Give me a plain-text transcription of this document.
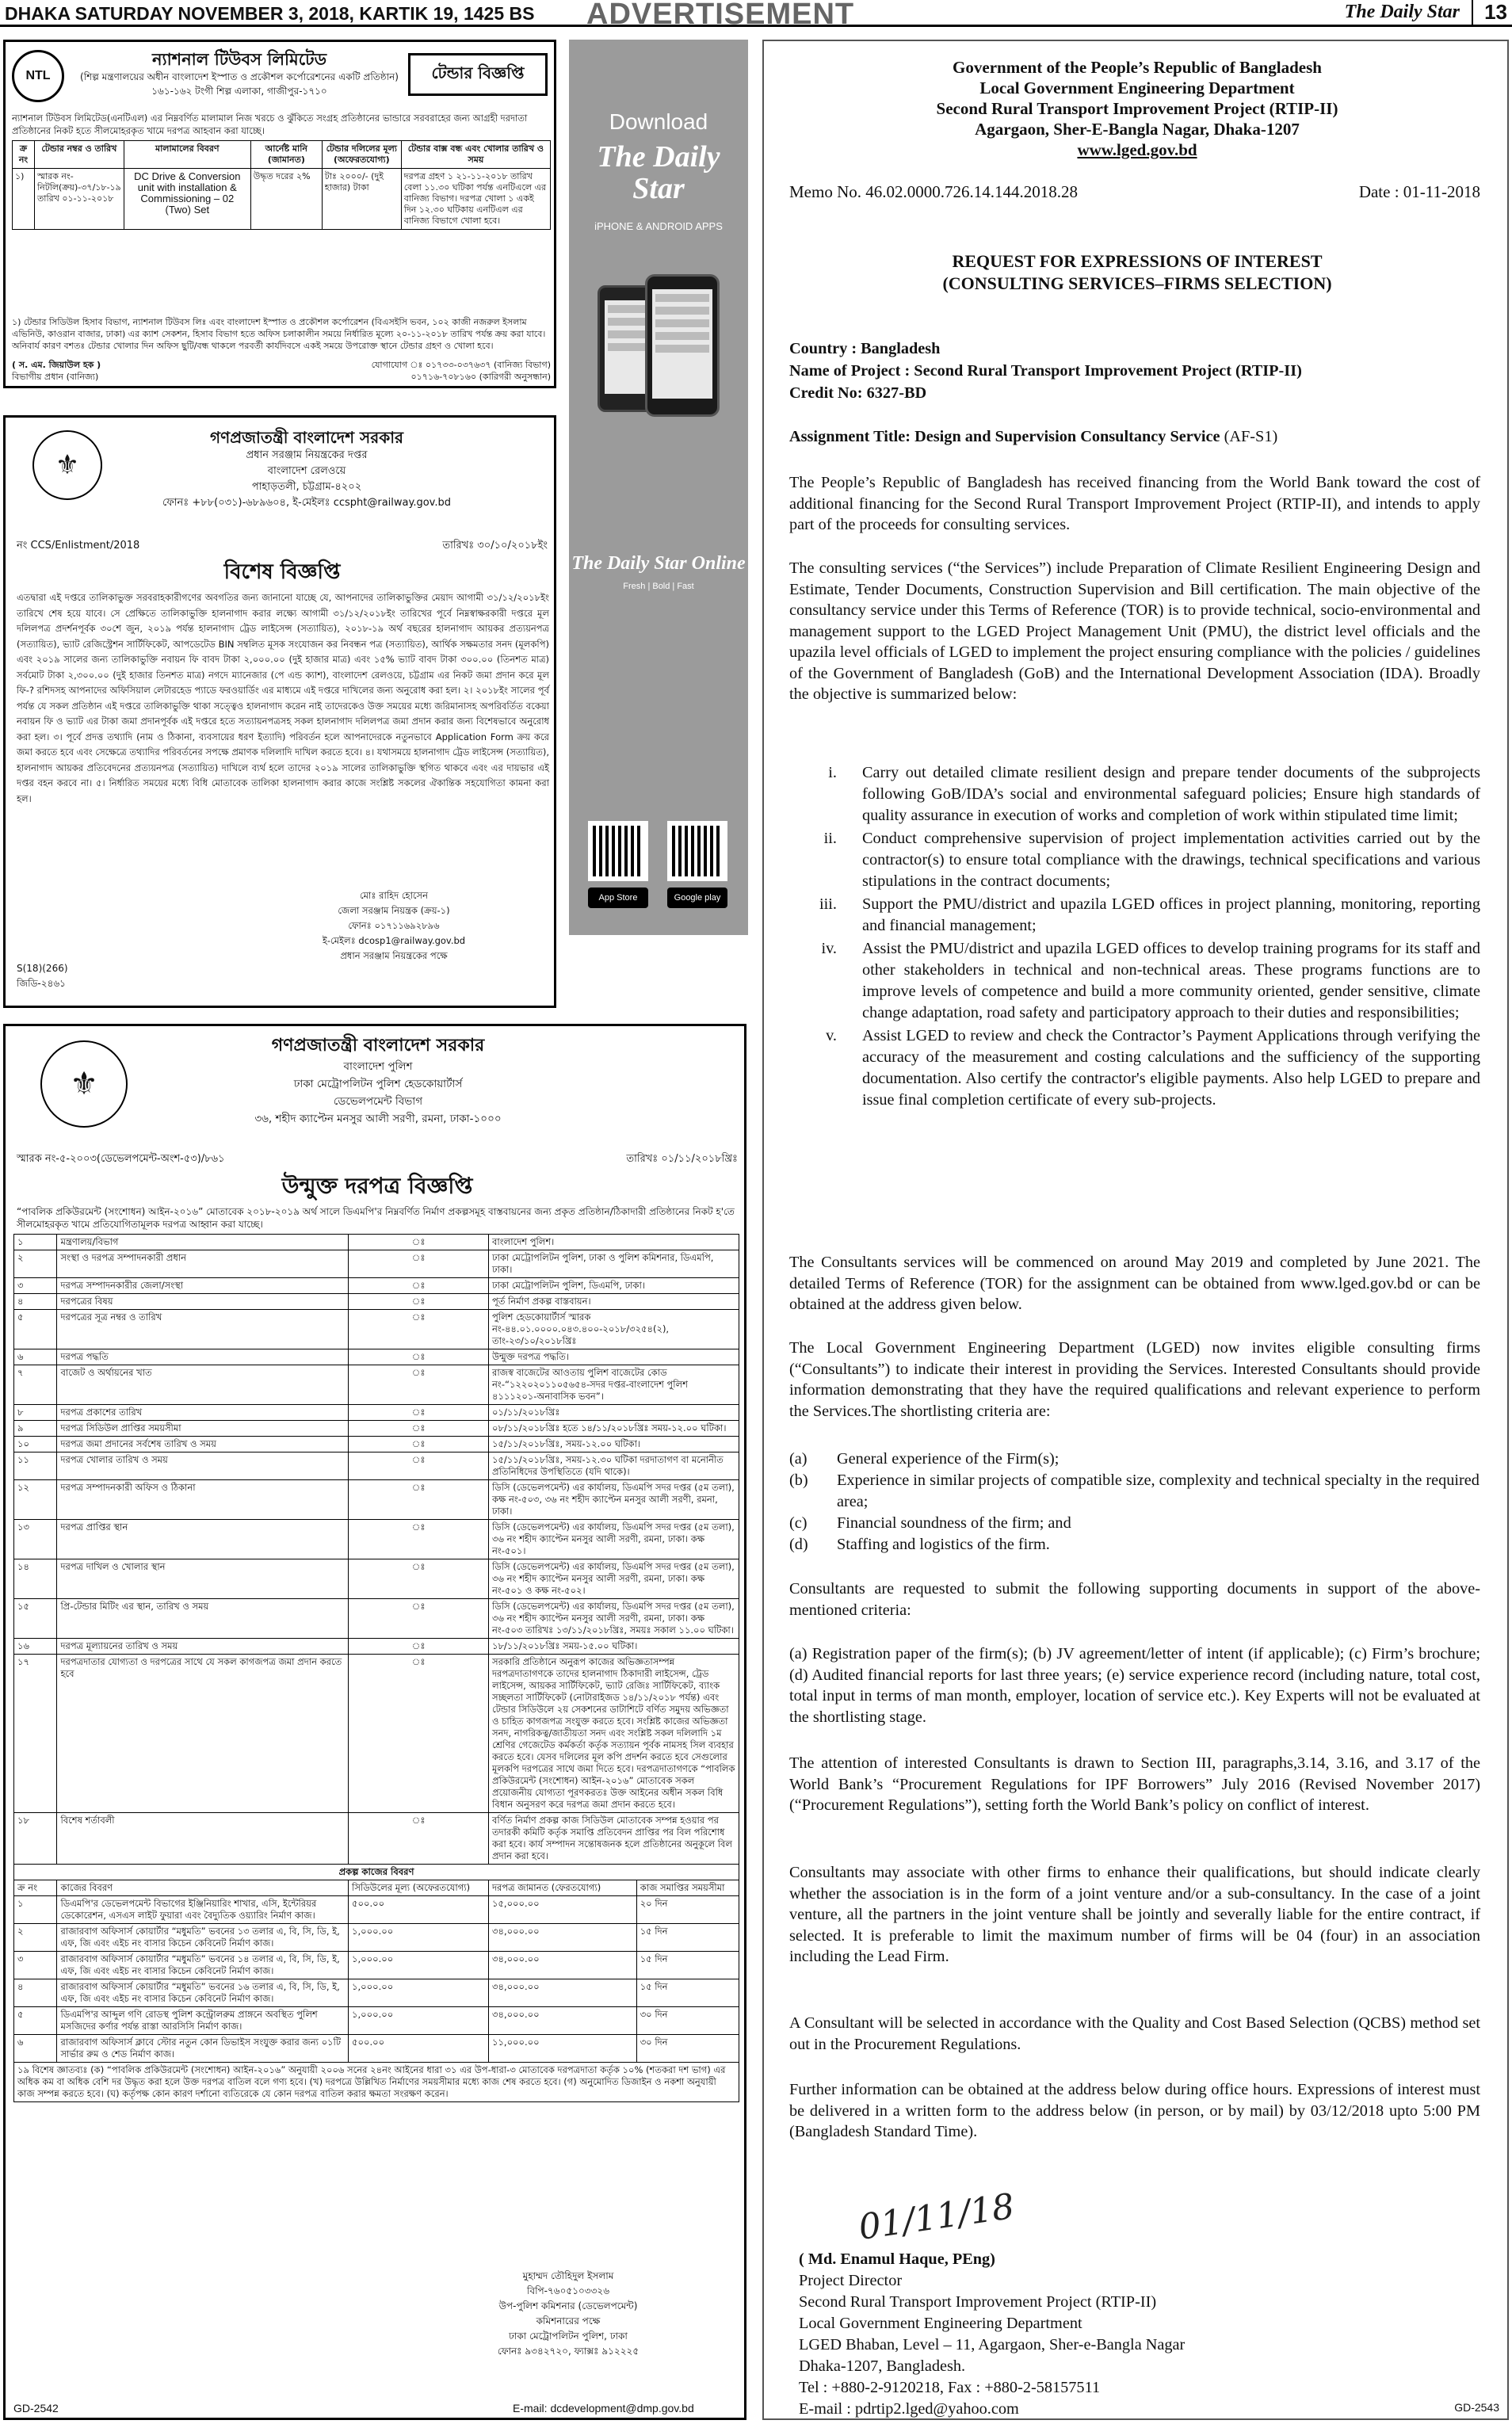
DHAKA SATURDAY NOVEMBER 3, 2018, KARTIK 19, 1425 BS ADVERTISEMENT	The Daily Star	13
NTL
ন্যাশনাল টিউবস লিমিটেড
(শিল্প মন্ত্রণালয়ের অধীন বাংলাদেশ ইস্পাত ও প্রকৌশল কর্পোরেশনের একটি প্রতিষ্ঠান)
১৬১-১৬২ টংগী শিল্প এলাকা, গাজীপুর-১৭১০
টেন্ডার বিজ্ঞপ্তি
ন্যাশনাল টিউবস লিমিটেড(এনটিএল) এর নিম্নবর্ণিত মালামাল নিজ খরচে ও ঝুঁকিতে সংগ্রহ প্রতিষ্ঠানের ভান্ডারে সরবরাহের জন্য আগ্রহী দরদাতা প্রতিষ্ঠানের নিকট হতে সীলমোহরকৃত খামে দরপত্র আহবান করা যাচ্ছে।
ক্র নং	টেন্ডার নম্বর ও তারিখ	মালামালের বিবরণ	আর্নেষ্ট মানি (জামানত)	টেন্ডার দলিলের মূল্য (অফেরতযোগ্য)	টেন্ডার বাক্স বন্ধ এবং খোলার তারিখ ও সময়
১)	স্মারক নং-নিটলি(ক্রয়)-৩৭/১৮-১৯ তারিখ ০১-১১-২০১৮	DC Drive & Conversion unit with installation & Commissioning – 02 (Two) Set	উদ্ধৃত দরের ২%	টাঃ ২০০০/- (দুই হাজার) টাকা	দরপত্র গ্রহণ ১ ২১-১১-২০১৮ তারিখ বেলা ১১.৩০ ঘটিকা পর্যন্ত এনটিএলে এর বানিজ্য বিভাগ। দরপত্র খোলা ১ একই দিন ১২.৩০ ঘটিকায় এনটিএল এর বানিজ্য বিভাগে খোলা হবে।
১) টেন্ডার সিডিউল হিসাব বিভাগ, ন্যাশনাল টিউবস লিঃ এবং বাংলাদেশ ইস্পাত ও প্রকৌশল কর্পোরেশন (বিএসইসি ভবন, ১০২ কাজী নজরুল ইসলাম এভিনিউ, কাওরান বাজার, ঢাকা) এর ক্যাশ সেকশন, হিসাব বিভাগ হতে অফিস চলাকালীন সময়ে নির্ধারিত মূল্যে ২০-১১-২০১৮ তারিখ পর্যন্ত ক্রয় করা যাবে। অনিবার্য কারণ বশতঃ টেন্ডার খোলার দিন অফিস ছুটি/বন্ধ থাকলে পরবর্তী কার্যদিবসে একই সময়ে উপরোক্ত স্থানে টেন্ডার গ্রহণ ও খোলা হবে।
( স. এম. জিয়াউল হক )	যোগাযোগ ঃ ০১৭৩৩-০৩৭৬৩৭ (বানিজ্য বিভাগ)
বিভাগীয় প্রধান (বানিজ্য)	০১৭১৬-৭০৮১৬০ (কারিগরী অনুসন্ধান)
⚜
গণপ্রজাতন্ত্রী বাংলাদেশ সরকার
প্রধান সরঞ্জাম নিয়ন্ত্রকের দপ্তর
বাংলাদেশ রেলওয়ে
পাহাড়তলী, চট্টগ্রাম-৪২০২
ফোনঃ +৮৮(০৩১)-৬৮৯৬০৪, ই-মেইলঃ ccspht@railway.gov.bd
নং CCS/Enlistment/2018	তারিখঃ ৩০/১০/২০১৮ইং
বিশেষ বিজ্ঞপ্তি
এতদ্বারা এই দপ্তরে তালিকাভুক্ত সরবরাহকারীগণের অবগতির জন্য জানানো যাচ্ছে যে, আপনাদের তালিকাভুক্তির মেয়াদ আগামী ৩১/১২/২০১৮ইং তারিখে শেষ হয়ে যাবে। সে প্রেক্ষিতে তালিকাভুক্তি হালনাগাদ করার লক্ষ্যে আগামী ৩১/১২/২০১৮ইং তারিখের পূর্বে নিম্নস্বাক্ষরকারী দপ্তরে মূল দলিলপত্র প্রদর্শনপূর্বক ৩০শে জুন, ২০১৯ পর্যন্ত হালনাগাদ ট্রেড লাইসেন্স (সত্যায়িত), ২০১৮-১৯ অর্থ বছরের হালনাগাদ আয়কর প্রত্যয়নপত্র (সত্যায়িত), ভ্যাট রেজিস্ট্রেশন সার্টিফিকেট, আপডেটেড BIN সম্বলিত মূসক সংযোজন কর নিবন্ধন পত্র (সত্যায়িত), আর্থিক সক্ষমতার সনদ (মূলকপি) এবং ২০১৯ সালের জন্য তালিকাভুক্তি নবায়ন ফি বাবদ টাকা ২,০০০.০০ (দুই হাজার মাত্র) এবং ১৫% ভ্যাট বাবদ টাকা ৩০০.০০ (তিনশত মাত্র) সর্বমোট টাকা ২,৩০০.০০ (দুই হাজার তিনশত মাত্র) নগদে ম্যানেজার (পে এন্ড ক্যাশ), বাংলাদেশ রেলওয়ে, চট্টগ্রাম এর নিকট জমা প্রদান করে মূল ফি-? রশিদসহ আপনাদের অফিসিয়াল লেটারহেড প্যাডে ফরওয়ার্ডিং এর মাধ্যমে এই দপ্তরে দাখিলের জন্য অনুরোধ করা হল। ২। ২০১৮ইং সালের পূর্ব পর্যন্ত যে সকল প্রতিষ্ঠান এই দপ্তরে তালিকাভুক্তি থাকা সত্ত্বেও হালনাগাদ করেন নাই তাদেরকেও উক্ত সময়ের মধ্যে জরিমানাসহ অপরিবর্তিত বকেয়া নবায়ন ফি ও ভ্যাট এর টাকা জমা প্রদানপূর্বক এই দপ্তরে হতে সত্যায়নপত্রসহ সকল হালনাগাদ দলিলপত্র জমা প্রদান করার জন্য বিশেষভাবে অনুরোধ করা হল। ৩। পূর্বে প্রদত্ত তথ্যাদি (নাম ও ঠিকানা, ব্যবসায়ের ধরণ ইত্যাদি) পরিবর্তন হলে আপনাদেরকে নতুনভাবে Application Form ক্রয় করে জমা করতে হবে এবং সেক্ষেত্রে তথ্যাদির পরিবর্তনের সপক্ষে প্রমাণক দলিলাদি দাখিল করতে হবে। ৪। যথাসময়ে হালনাগাদ ট্রেড লাইসেন্স (সত্যায়িত), হালনাগাদ আয়কর প্রতিবেদনের প্রত্যয়নপত্র (সত্যায়িত) দাখিলে ব্যর্থ হলে তাদের ২০১৯ সালের তালিকাভুক্তি স্থগিত থাকবে এবং এর দায়ভার এই দপ্তর বহন করবে না। ৫। নির্ধারিত সময়ের মধ্যে বিধি মোতাবেক তালিকা হালনাগাদ করার কাজে সংশ্লিষ্ট সকলের ঐকান্তিক সহযোগিতা কামনা করা হল।
মোঃ রাহিদ হোসেন
জেলা সরঞ্জাম নিয়ন্ত্রক (ক্রয়-১)
ফোনঃ ০১৭১১৬৯২৮৯৬
ই-মেইলঃ dcosp1@railway.gov.bd
প্রধান সরঞ্জাম নিয়ন্ত্রকের পক্ষে
S(18)(266)
জিডি-২৪৬১
Download
The Daily Star
iPHONE & ANDROID APPS
The Daily Star Online
Fresh | Bold | Fast
App Store	Google play
⚜
গণপ্রজাতন্ত্রী বাংলাদেশ সরকার
বাংলাদেশ পুলিশ
ঢাকা মেট্রোপলিটন পুলিশ হেডকোয়ার্টার্স
ডেভেলপমেন্ট বিভাগ
৩৬, শহীদ ক্যাপ্টেন মনসুর আলী সরণী, রমনা, ঢাকা-১০০০
স্মারক নং-৫-২০০৩(ডেভেলপমেন্ট-অংশ-৫৩)/৮৬১	তারিখঃ ০১/১১/২০১৮খ্রিঃ
উন্মুক্ত দরপত্র বিজ্ঞপ্তি
“পাবলিক প্রকিউরমেন্ট (সংশোধন) আইন-২০১৬” মোতাবেক ২০১৮-২০১৯ অর্থ সালে ডিএমপি'র নিম্নবর্ণিত নির্মাণ প্রকল্পসমূহ বাস্তবায়নের জন্য প্রকৃত প্রতিষ্ঠান/ঠিকাদারী প্রতিষ্ঠানের নিকট হ'তে সীলমোহরকৃত খামে প্রতিযোগিতামূলক দরপত্র আহ্বান করা যাচ্ছে।
১	মন্ত্রণালয়/বিভাগ	ঃ	বাংলাদেশ পুলিশ।	
২	সংস্থা ও দরপত্র সম্পাদনকারী প্রধান	ঃ	ঢাকা মেট্রোপলিটন পুলিশ, ঢাকা ও পুলিশ কমিশনার, ডিএমপি, ঢাকা।	
৩	দরপত্র সম্পাদনকারীর জেলা/সংস্থা	ঃ	ঢাকা মেট্রোপলিটন পুলিশ, ডিএমপি, ঢাকা।	
৪	দরপত্রের বিষয়	ঃ	পূর্ত নির্মাণ প্রকল্প বাস্তবায়ন।	
৫	দরপত্রের সূত্র নম্বর ও তারিখ	ঃ	পুলিশ হেডকোয়ার্টার্স স্মারক নং-৪৪.০১.০০০০.০৪৩.৪০০-২০১৮/৩২৫৪(২), তাং-২৩/১০/২০১৮খ্রিঃ	
৬	দরপত্র পদ্ধতি	ঃ	উন্মুক্ত দরপত্র পদ্ধতি।	
৭	বাজেট ও অর্থায়নের খাত	ঃ	রাজস্ব বাজেটের আওতায় পুলিশ বাজেটের কোড নং-“১২২০২০১১০৫৬৫৪-সদর দপ্তর-বাংলাদেশ পুলিশ ৪১১১২০১-অনাবাসিক ভবন”।	
৮	দরপত্র প্রকাশের তারিখ	ঃ	০১/১১/২০১৮খ্রিঃ	
৯	দরপত্র সিডিউল প্রাপ্তির সময়সীমা	ঃ	০৮/১১/২০১৮খ্রিঃ হতে ১৪/১১/২০১৮খ্রিঃ সময়-১২.০০ ঘটিকা।	
১০	দরপত্র জমা প্রদানের সর্বশেষ তারিখ ও সময়	ঃ	১৫/১১/২০১৮খ্রিঃ, সময়-১২.০০ ঘটিকা।	
১১	দরপত্র খোলার তারিখ ও সময়	ঃ	১৫/১১/২০১৮খ্রিঃ, সময়-১২.৩০ ঘটিকা দরদাতাগণ বা মনোনীত প্রতিনিধিদের উপস্থিতিতে (যদি থাকে)।	
১২	দরপত্র সম্পাদনকারী অফিস ও ঠিকানা	ঃ	ডিসি (ডেভেলপমেন্ট) এর কার্যালয়, ডিএমপি সদর দপ্তর (৫ম তলা), কক্ষ নং-৫০৩, ৩৬ নং শহীদ ক্যাপ্টেন মনসুর আলী সরণী, রমনা, ঢাকা।	
১৩	দরপত্র প্রাপ্তির স্থান	ঃ	ডিসি (ডেভেলপমেন্ট) এর কার্যালয়, ডিএমপি সদর দপ্তর (৫ম তলা), ৩৬ নং শহীদ ক্যাপ্টেন মনসুর আলী সরণী, রমনা, ঢাকা। কক্ষ নং-৫০১।	
১৪	দরপত্র দাখিল ও খোলার স্থান	ঃ	ডিসি (ডেভেলপমেন্ট) এর কার্যালয়, ডিএমপি সদর দপ্তর (৫ম তলা), ৩৬ নং শহীদ ক্যাপ্টেন মনসুর আলী সরণী, রমনা, ঢাকা। কক্ষ নং-৫০১ ও কক্ষ নং-৫০২।	
১৫	প্রি-টেন্ডার মিটিং এর স্থান, তারিখ ও সময়	ঃ	ডিসি (ডেভেলপমেন্ট) এর কার্যালয়, ডিএমপি সদর দপ্তর (৫ম তলা), ৩৬ নং শহীদ ক্যাপ্টেন মনসুর আলী সরণী, রমনা, ঢাকা। কক্ষ নং-৫০৩ তারিখঃ ১৩/১১/২০১৮খ্রিঃ, সময়ঃ সকাল ১১.০০ ঘটিকা।	
১৬	দরপত্র মূল্যায়নের তারিখ ও সময়	ঃ	১৮/১১/২০১৮খ্রিঃ সময়-১৫.০০ ঘটিকা।	
১৭	দরপত্রদাতার যোগ্যতা ও দরপত্রের সাথে যে সকল কাগজপত্র জমা প্রদান করতে হবে	ঃ	সরকারি প্রতিষ্ঠানে অনুরূপ কাজের অভিজ্ঞতাসম্পন্ন দরপত্রদাতাগণকে তাদের হালনাগাদ ঠিকাদারী লাইসেন্স, ট্রেড লাইসেন্স, আয়কর সার্টিফিকেট, ভ্যাট রেজিঃ সার্টিফিকেট, ব্যাংক সচ্ছলতা সার্টিফিকেট (নোটারাইজড ১৪/১১/২০১৮ পর্যন্ত) এবং টেন্ডার সিডিউলে ২য় সেকশনের ডাটাশিটে বর্ণিত সমুদয় অভিজ্ঞতা ও চাহিত কাগজপত্র সংযুক্ত করতে হবে। সংশ্লিষ্ট কাজের অভিজ্ঞতা সনদ, নাগরিকত্ব/জাতীয়তা সনদ এবং সংশ্লিষ্ট সকল দলিলাদি ১ম শ্রেণির গেজেটেড কর্মকর্তা কর্তৃক সত্যায়ন পূর্বক নামসহ সিল ব্যবহার করতে হবে। যেসব দলিলের মূল কপি প্রদর্শন করতে হবে সেগুলোর মূলকপি দরপত্রের সাথে জমা দিতে হবে। দরপত্রদাতাগণকে “পাবলিক প্রকিউরমেন্ট (সংশোধন) আইন-২০১৬” মোতাবেক সকল প্রয়োজনীয় যোগ্যতা পূরণকরতঃ উক্ত আইনের অধীন সকল বিধি বিধান অনুসরণ করে দরপত্র জমা প্রদান করতে হবে।	
১৮	বিশেষ শর্তাবলী	ঃ	বর্ণিত নির্মাণ প্রকল্প কাজ সিডিউল মোতাবেক সম্পন্ন হওয়ার পর তদারকী কমিটি কর্তৃক সমাপ্তি প্রতিবেদন প্রাপ্তির পর বিল পরিশোধ করা হবে। কার্য সম্পাদন সন্তোষজনক হলে প্রতিষ্ঠানের অনুকূলে বিল প্রদান করা হবে।	
প্রকল্প কাজের বিবরণ				
ক্র নং	কাজের বিবরণ	সিডিউলের মূল্য (অফেরতযোগ্য)	দরপত্র জামানত (ফেরতযোগ্য)	কাজ সমাপ্তির সময়সীমা
১	ডিএমপি'র ডেভেলপমেন্ট বিভাগের ইঞ্জিনিয়ারিং শাখার, এসি, ইন্টেরিয়র ডেকোরেশন, এসএস লাইট ফুয়ারা এবং বৈদ্যুতিক ওয়্যারিং নির্মাণ কাজ।	৫০০.০০	১৫,০০০.০০	২০ দিন
২	রাজারবাগ অফিসার্স কোয়ার্টার “মধুমতি” ভবনের ১৩ তলার এ, বি, সি, ডি, ই, এফ, জি এবং এইচ নং বাসার কিচেন কেবিনেট নির্মাণ কাজ।	১,০০০.০০	৩৪,০০০.০০	১৫ দিন
৩	রাজারবাগ অফিসার্স কোয়ার্টার “মধুমতি” ভবনের ১৪ তলার এ, বি, সি, ডি, ই, এফ, জি এবং এইচ নং বাসার কিচেন কেবিনেট নির্মাণ কাজ।	১,০০০.০০	৩৪,০০০.০০	১৫ দিন
৪	রাজারবাগ অফিসার্স কোয়ার্টার “মধুমতি” ভবনের ১৬ তলার এ, বি, সি, ডি, ই, এফ, জি এবং এইচ নং বাসার কিচেন কেবিনেট নির্মাণ কাজ।	১,০০০.০০	৩৪,০০০.০০	১৫ দিন
৫	ডিএমপি'র আব্দুল গণি রোডস্থ পুলিশ কন্ট্রোলরুম প্রাঙ্গনে অবস্থিত পুলিশ মসজিদের কর্ণার পর্যন্ত রাস্তা আরসিসি নির্মাণ কাজ।	১,০০০.০০	৩৪,০০০.০০	৩০ দিন
৬	রাজারবাগ অফিসার্স ক্লাবে স্টোর নতুন কোন ডিভাইস সংযুক্ত করার জন্য ০১টি সার্ভার রুম ও শেড নির্মাণ কাজ।	৫০০.০০	১১,০০০.০০	৩০ দিন
১৯ বিশেষ জ্ঞাতব্যঃ (ক) “পাবলিক প্রকিউরমেন্ট (সংশোধন) আইন-২০১৬” অনুযায়ী ২০০৬ সনের ২৪নং আইনের ধারা ৩১ এর উপ-ধারা-৩ মোতাবেক দরপত্রদাতা কর্তৃক ১০% (শতকরা দশ ভাগ) এর অধিক কম বা অধিক বেশি দর উদ্ধৃত করা হলে উক্ত দরপত্র বাতিল বলে গণ্য হবে। (খ) দরপত্রে উল্লিখিত নির্মাণের সময়সীমার মধ্যে কাজ শেষ করতে হবে। (গ) অনুমোদিত ডিজাইন ও নকশা অনুযায়ী কাজ সম্পন্ন করতে হবে। (ঘ) কর্তৃপক্ষ কোন কারণ দর্শানো ব্যতিরেকে যে কোন দরপত্র বাতিল করার ক্ষমতা সংরক্ষণ করেন।				
মুহাম্মদ তৌহিদুল ইসলাম
বিপি-৭৬০৫১০৩৩২৬
উপ-পুলিশ কমিশনার (ডেভেলপমেন্ট)
কমিশনারের পক্ষে
ঢাকা মেট্রোপলিটন পুলিশ, ঢাকা
ফোনঃ ৯৩৪২৭২০, ফ্যাক্সঃ ৯১২২২৫
GD-2542	E-mail: dcdevelopment@dmp.gov.bd
Government of the People’s Republic of Bangladesh
Local Government Engineering Department
Second Rural Transport Improvement Project (RTIP-II)
Agargaon, Sher-E-Bangla Nagar, Dhaka-1207
www.lged.gov.bd
Memo No. 46.02.0000.726.14.144.2018.28	Date : 01-11-2018
REQUEST FOR EXPRESSIONS OF INTEREST
(CONSULTING SERVICES–FIRMS SELECTION)
Country : Bangladesh
Name of Project : Second Rural Transport Improvement Project (RTIP-II)
Credit No: 6327-BD
Assignment Title: Design and Supervision Consultancy Service (AF-S1)
The People’s Republic of Bangladesh has received financing from the World Bank toward the cost of additional financing for the Second Rural Transport Improvement Project (RTIP-II), and intends to apply part of the proceeds for consulting services.
The consulting services (“the Services”) include Preparation of Climate Resilient Engineering Design and Estimate, Tender Documents, Construction Supervision and Bill certification. The main objective of the consultancy service under this Terms of Reference (TOR) is to provide technical, socio-environmental and management support to the LGED Project Management Unit (PMU), the district level officials and the upazila level officials of LGED to implement the project ensuring compliance with the policies / guidelines of the Government of Bangladesh (GoB) and the International Development Association (IDA). Broadly the objective is summarized below:
i. Carry out detailed climate resilient design and prepare tender documents of the subprojects following GoB/IDA’s social and environmental safeguard policies; Ensure high standards of quality assurance in execution of works and completion of work within stipulated time limit;
ii. Conduct comprehensive supervision of project implementation activities carried out by the contractor(s) to ensure total compliance with the drawings, technical specifications and various stipulations in the contract documents;
iii. Support the PMU/district and upazila LGED offices in project planning, monitoring, reporting and financial management;
iv. Assist the PMU/district and upazila LGED offices to develop training programs for its staff and other stakeholders in technical and non-technical areas. These programs functions are to improve levels of competence and build a more community oriented, gender sensitive, climate change adaptation, road safety and participatory approach to their duties and responsibilities;
v. Assist LGED to review and check the Contractor’s Payment Applications through verifying the accuracy of the measurement and costing calculations and the sufficiency of the supporting documentation. Also certify the contractor's eligible payments. Also help LGED to prepare and issue final completion certificate of every sub-projects.
The Consultants services will be commenced on around May 2019 and completed by June 2021. The detailed Terms of Reference (TOR) for the assignment can be obtained from www.lged.gov.bd or can be obtained at the address given below.
The Local Government Engineering Department (LGED) now invites eligible consulting firms (“Consultants”) to indicate their interest in providing the Services. Interested Consultants should provide information demonstrating that they have the required qualifications and relevant experience to perform the Services.The shortlisting criteria are:
(a) General experience of the Firm(s);
(b) Experience in similar projects of compatible size, complexity and technical specialty in the required area;
(c) Financial soundness of the firm; and
(d) Staffing and logistics of the firm.
Consultants are requested to submit the following supporting documents in support of the above-mentioned criteria:
(a) Registration paper of the firm(s); (b) JV agreement/letter of intent (if applicable); (c) Firm’s brochure; (d) Audited financial reports for last three years; (e) service experience record (including nature, total cost, total input in terms of man month, employer, location of service etc.). Key Experts will not be evaluated at the shortlisting stage.
The attention of interested Consultants is drawn to Section III, paragraphs,3.14, 3.16, and 3.17 of the World Bank’s “Procurement Regulations for IPF Borrowers” July 2016 (Revised November 2017) (“Procurement Regulations”), setting forth the World Bank’s policy on conflict of interest.
Consultants may associate with other firms to enhance their qualifications, but should indicate clearly whether the association is in the form of a joint venture and/or a sub-consultancy. In the case of a joint venture, all the partners in the joint venture shall be jointly and severally liable for the entire contract, if selected. It is preferable to limit the maximum number of firms will be 04 (four) in an association including the Lead Firm.
A Consultant will be selected in accordance with the Quality and Cost Based Selection (QCBS) method set out in the Procurement Regulations.
Further information can be obtained at the address below during office hours. Expressions of interest must be delivered in a written form to the address below (in person, or by mail) by 03/12/2018 upto 5:00 PM (Bangladesh Standard Time).
01/11/18
( Md. Enamul Haque, PEng)
Project Director
Second Rural Transport Improvement Project (RTIP-II)
Local Government Engineering Department
LGED Bhaban, Level – 11, Agargaon, Sher-e-Bangla Nagar
Dhaka-1207, Bangladesh.
Tel : +880-2-9120218, Fax : +880-2-58157511
E-mail : pdrtip2.lged@yahoo.com	GD-2543
